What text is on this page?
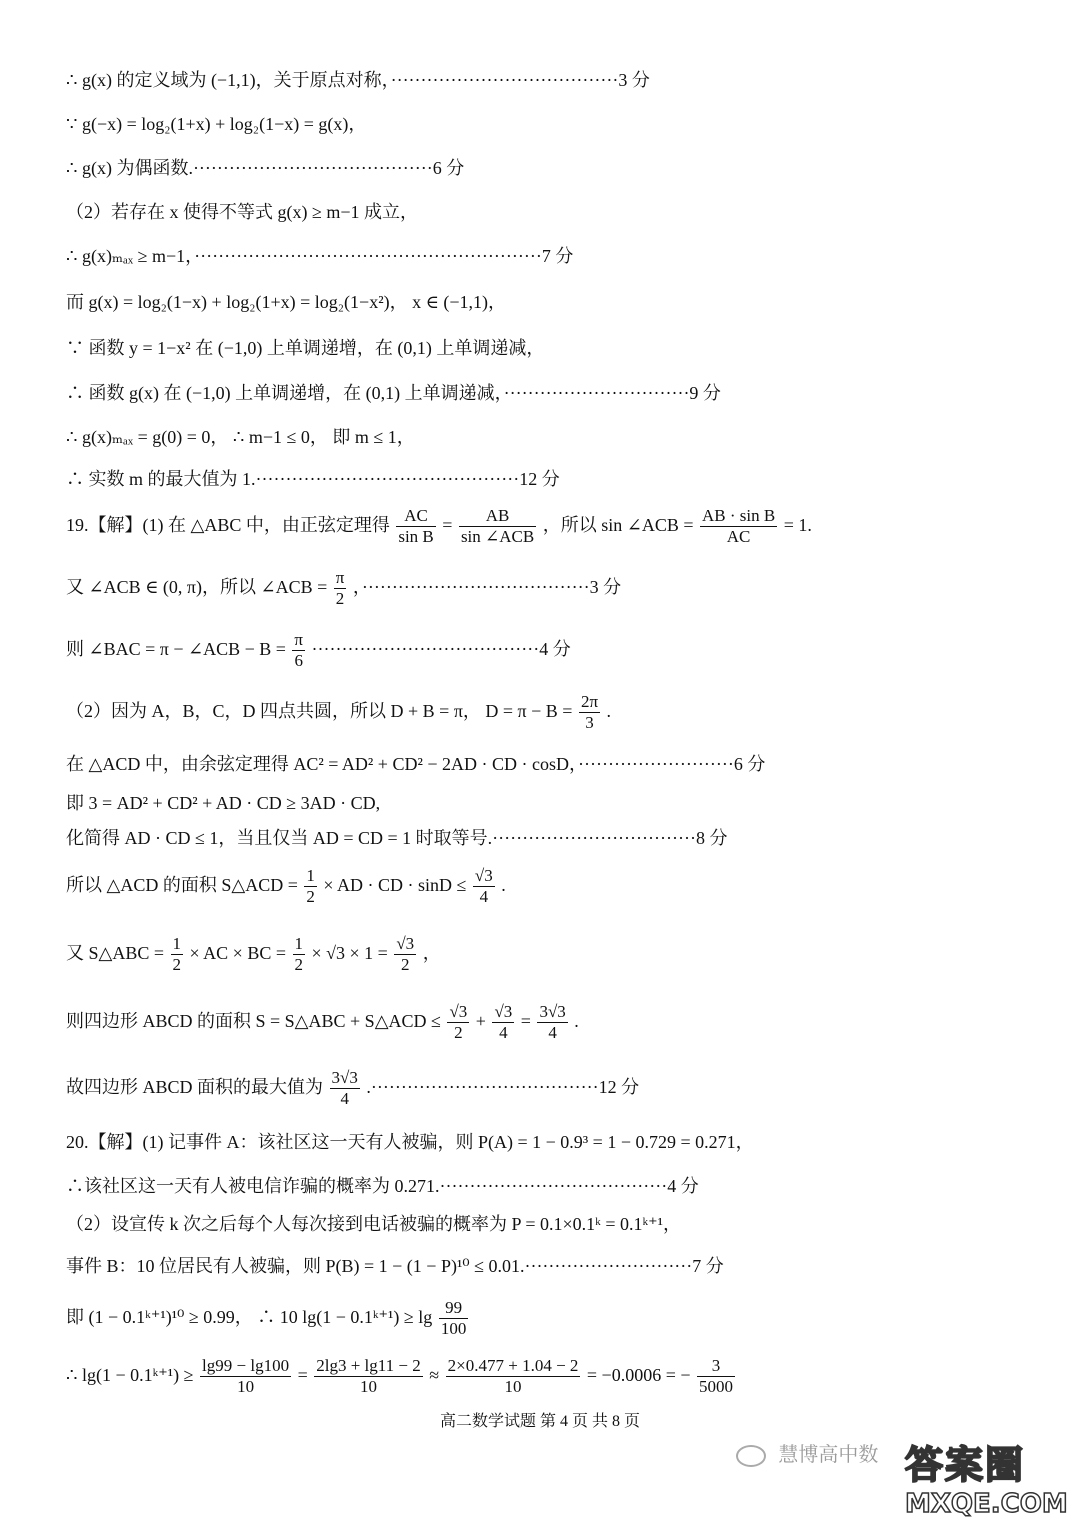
∴ g(x) 的定义域为 (−1,1)，关于原点对称，······································3 分
∵ g(−x) = log₂(1+x) + log₂(1−x) = g(x)，
∴ g(x) 为偶函数.········································6 分
（2）若存在 x 使得不等式 g(x) ≥ m−1 成立，
∴ g(x)ₘₐₓ ≥ m−1，··························································7 分
而 g(x) = log₂(1−x) + log₂(1+x) = log₂(1−x²)， x ∈ (−1,1)，
∵ 函数 y = 1−x² 在 (−1,0) 上单调递增，在 (0,1) 上单调递减，
∴ 函数 g(x) 在 (−1,0) 上单调递增，在 (0,1) 上单调递减，·······························9 分
∴ g(x)ₘₐₓ = g(0) = 0， ∴ m−1 ≤ 0， 即 m ≤ 1，
∴ 实数 m 的最大值为 1.············································12 分
19.【解】(1) 在 △ABC 中，由正弦定理得 $\frac{AC}{\text{sin B}} = \frac{AB}{\text{sin ∠ACB}}$ ，所以 sin ∠ACB = $\frac{\text{AB · sin B}}{AC} = 1$.
又 ∠ACB ∈ (0, π)，所以 ∠ACB = $\frac{\pi}{2}$ ，······································3 分
则 ∠BAC = π − ∠ACB − $B = \frac{\pi}{6} \cdot\cdot\cdot\cdot\cdot\cdot\cdot\cdot\cdot\cdot\cdot\cdot\cdot\cdot\cdot\cdot\cdot\cdot\cdot\cdot\cdot\cdot\cdot\cdot\cdot\cdot\cdot\cdot\cdot\cdot\cdot\cdot\cdot\cdot\cdot\cdot\cdot\cdot 4$ 分
（2）因为 A，B，C，D 四点共圆，所以 D + B = π， $D = \pi - B = \frac{2\pi}{3}$ .
在 △ACD 中，由余弦定理得 AC² = AD² + CD² − 2AD · CD · cosD，··························6 分
即 3 = AD² + CD² + AD · CD ≥ 3AD · CD,
化简得 AD · CD ≤ 1，当且仅当 AD = CD = 1 时取等号.··································8 分
所以 △ACD 的面积 S△ACD = $\frac{1}{2}$ × AD · CD · $\sin D \le \frac{√3}{4}$ .
又 S△ABC = $\frac{1}{2}$ × AC × BC = $\frac{1}{2} \times √3 \times 1 = \frac{√3}{2}$ ，
则四边形 ABCD 的面积 S = S△ABC + S△ACD ≤ $\frac{√3}{2} + \frac{√3}{4} = \frac{3√3}{4}$ .
故四边形 ABCD 面积的最大值为 $\frac{3√3}{4} .\cdot\cdot\cdot\cdot\cdot\cdot\cdot\cdot\cdot\cdot\cdot\cdot\cdot\cdot\cdot\cdot\cdot\cdot\cdot\cdot\cdot\cdot\cdot\cdot\cdot\cdot\cdot\cdot\cdot\cdot\cdot\cdot\cdot\cdot\cdot\cdot\cdot\cdot 12$ 分
20.【解】(1) 记事件 A：该社区这一天有人被骗，则 P(A) = 1 − 0.9³ = 1 − 0.729 = 0.271，
∴该社区这一天有人被电信诈骗的概率为 0.271.······································4 分
（2）设宣传 k 次之后每个人每次接到电话被骗的概率为 P = 0.1×0.1ᵏ = 0.1ᵏ⁺¹，
事件 B：10 位居民有人被骗，则 P(B) = 1 − (1 − P)¹⁰ ≤ 0.01.····························7 分
即 (1 − 0.1ᵏ⁺¹)¹⁰ ≥ 0.99， ∴ 10 lg(1 − 0.1ᵏ⁺¹) ≥ $\lg \frac{99}{100}$
∴ lg(1 − 0.1ᵏ⁺¹) ≥ $\frac{\lg 99 - \lg 100}{10} = \frac{2\lg 3 + \lg 11 - 2}{10} \approx \frac{2\times 0.477 + 1.04 - 2}{10} = -0.0006$ = − $\frac{3}{5000}$
高二数学试题 第 4 页 共 8 页
慧博高中数 答案圈
MXQE.COM
